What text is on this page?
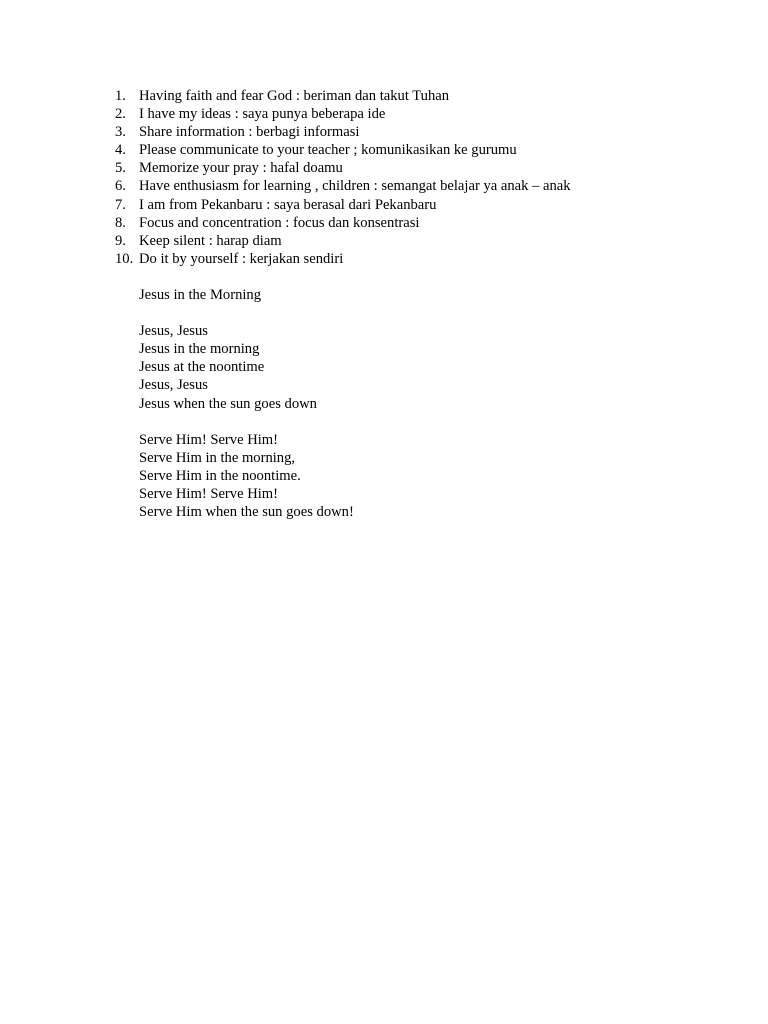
1. Having faith and fear God : beriman dan takut Tuhan
2. I have my ideas : saya punya beberapa ide
3. Share information : berbagi informasi
4. Please communicate to your teacher ; komunikasikan ke gurumu
5. Memorize your pray : hafal doamu
6. Have enthusiasm for learning , children : semangat belajar ya anak – anak
7. I am from Pekanbaru : saya berasal dari Pekanbaru
8. Focus and concentration : focus dan konsentrasi
9. Keep silent : harap diam
10. Do it by yourself : kerjakan sendiri
Jesus in the Morning
Jesus, Jesus
Jesus in the morning
Jesus at the noontime
Jesus, Jesus
Jesus when the sun goes down
Serve Him! Serve Him!
Serve Him in the morning,
Serve Him in the noontime.
Serve Him! Serve Him!
Serve Him when the sun goes down!
